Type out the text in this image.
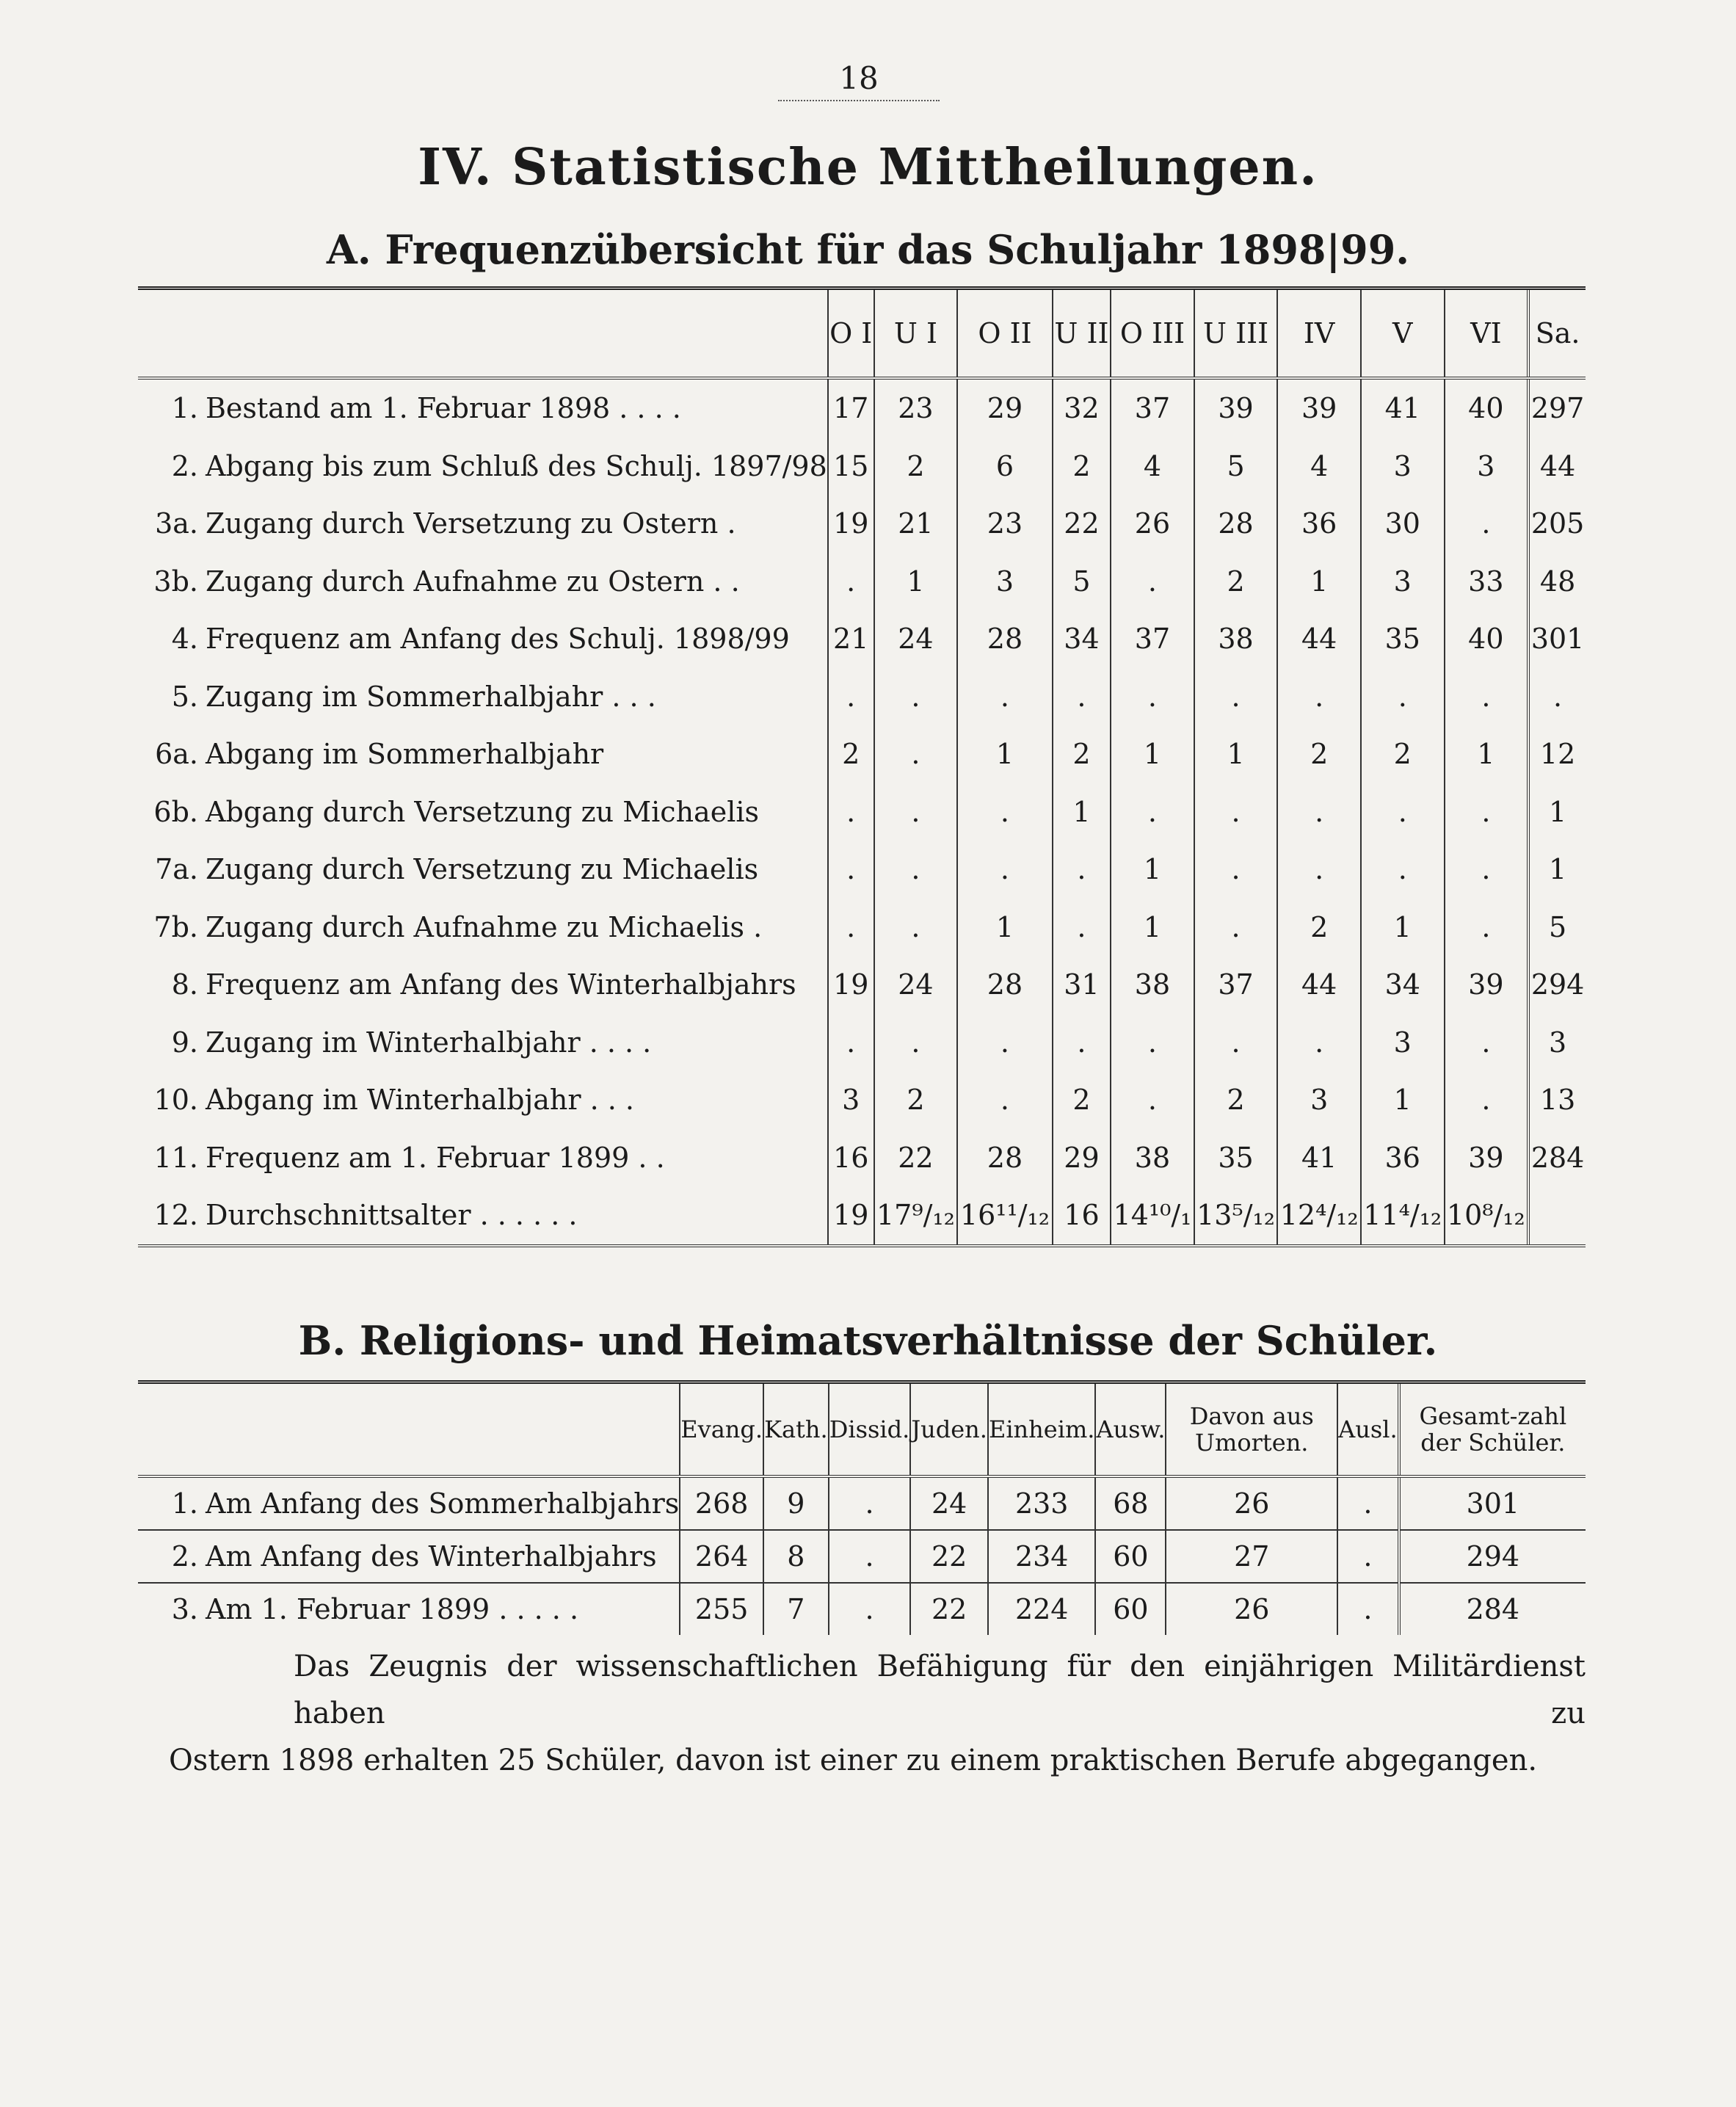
18
IV. Statistische Mittheilungen.
A. Frequenzübersicht für das Schuljahr 1898|99.
	O I	U I	O II	U II	O III	U III	IV	V	VI	Sa.
1. Bestand am 1. Februar 1898 . . . .	17	23	29	32	37	39	39	41	40	297
2. Abgang bis zum Schluß des Schulj. 1897/98	15	2	6	2	4	5	4	3	3	44
3a. Zugang durch Versetzung zu Ostern .	19	21	23	22	26	28	36	30	.	205
3b. Zugang durch Aufnahme zu Ostern . .	.	1	3	5	.	2	1	3	33	48
4. Frequenz am Anfang des Schulj. 1898/99	21	24	28	34	37	38	44	35	40	301
5. Zugang im Sommerhalbjahr . . .	.	.	.	.	.	.	.	.	.	.
6a. Abgang im Sommerhalbjahr	2	.	1	2	1	1	2	2	1	12
6b. Abgang durch Versetzung zu Michaelis	.	.	.	1	.	.	.	.	.	1
7a. Zugang durch Versetzung zu Michaelis	.	.	.	.	1	.	.	.	.	1
7b. Zugang durch Aufnahme zu Michaelis .	.	.	1	.	1	.	2	1	.	5
8. Frequenz am Anfang des Winterhalbjahrs	19	24	28	31	38	37	44	34	39	294
9. Zugang im Winterhalbjahr . . . .	.	.	.	.	.	.	.	3	.	3
10. Abgang im Winterhalbjahr . . .	3	2	.	2	.	2	3	1	.	13
11. Frequenz am 1. Februar 1899 . .	16	22	28	29	38	35	41	36	39	284
12. Durchschnittsalter . . . . . .	19	17⁹/₁₂	16¹¹/₁₂	16	14¹⁰/₁	13⁵/₁₂	12⁴/₁₂	11⁴/₁₂	10⁸/₁₂	
B. Religions- und Heimatsverhältnisse der Schüler.
	Evang.	Kath.	Dissid.	Juden.	Einheim.	Ausw.	Davon aus Umorten.	Ausl.	Gesamt-zahl der Schüler.
1. Am Anfang des Sommerhalbjahrs	268	9	.	24	233	68	26	.	301
2. Am Anfang des Winterhalbjahrs	264	8	.	22	234	60	27	.	294
3. Am 1. Februar 1899 . . . . .	255	7	.	22	224	60	26	.	284
Das Zeugnis der wissenschaftlichen Befähigung für den einjährigen Militärdienst haben zu
Ostern 1898 erhalten 25 Schüler, davon ist einer zu einem praktischen Berufe abgegangen.
